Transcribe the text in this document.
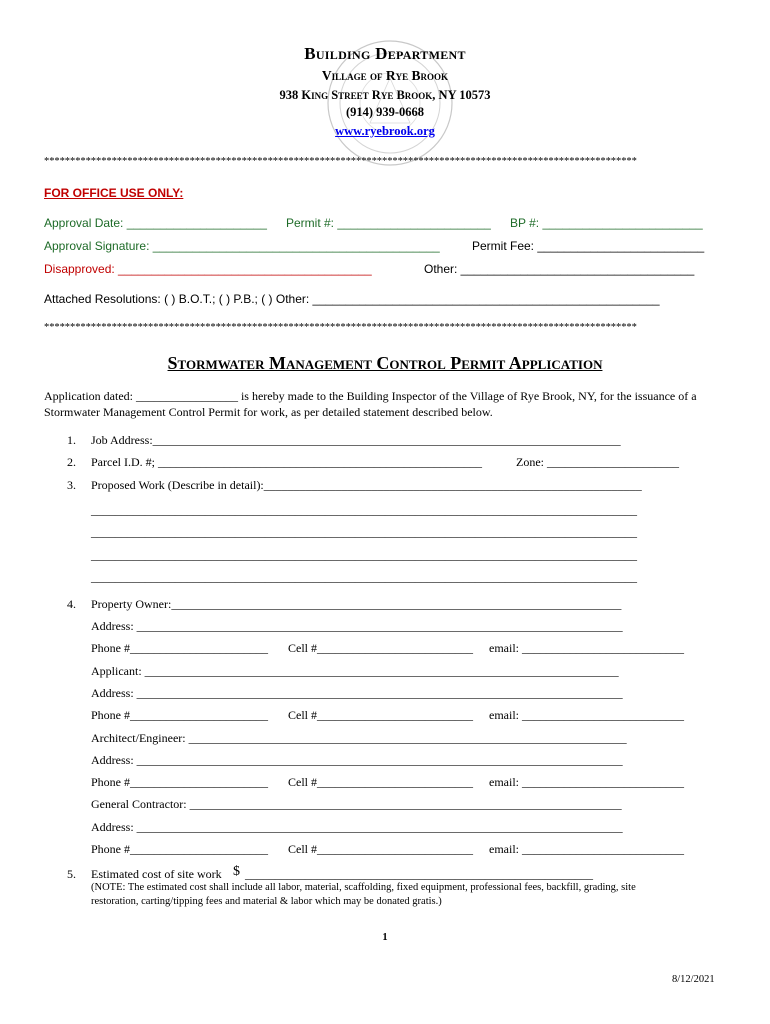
Building Department
Village of Rye Brook
938 King Street Rye Brook, NY 10573
(914) 939-0668
www.ryebrook.org
******************************************************************************************************************
FOR OFFICE USE ONLY:
Approval Date: _____________________ Permit #: _______________________ BP #: ________________________
Approval Signature: ___________________________________________	Permit Fee: _________________________
Disapproved: ______________________________________	Other: ___________________________________
Attached Resolutions: ( ) B.O.T.; ( ) P.B.; ( ) Other: ____________________________________________________
******************************************************************************************************************
Stormwater Management Control Permit Application
Application dated: _________________ is hereby made to the Building Inspector of the Village of Rye Brook, NY, for the issuance of a
Stormwater Management Control Permit for work, as per detailed statement described below.
1. Job Address:______________________________________________________________________________
2. Parcel I.D. #; ______________________________________________________	Zone: ______________________
3. Proposed Work (Describe in detail):_______________________________________________________________
___________________________________________________________________________________________
___________________________________________________________________________________________
___________________________________________________________________________________________
___________________________________________________________________________________________
4. Property Owner:___________________________________________________________________________
Address: _________________________________________________________________________________
Phone #_______________________ Cell #__________________________ email: ___________________________
Applicant: _______________________________________________________________________________
Address: _________________________________________________________________________________
Phone #_______________________ Cell #__________________________ email: ___________________________
Architect/Engineer: _________________________________________________________________________
Address: _________________________________________________________________________________
Phone #_______________________ Cell #__________________________ email: ___________________________
General Contractor: ________________________________________________________________________
Address: _________________________________________________________________________________
Phone #_______________________ Cell #__________________________ email: ___________________________
5. Estimated cost of site work $ __________________________________________________________
(NOTE: The estimated cost shall include all labor, material, scaffolding, fixed equipment, professional fees, backfill, grading, site
restoration, carting/tipping fees and material & labor which may be donated gratis.)
1
8/12/2021
